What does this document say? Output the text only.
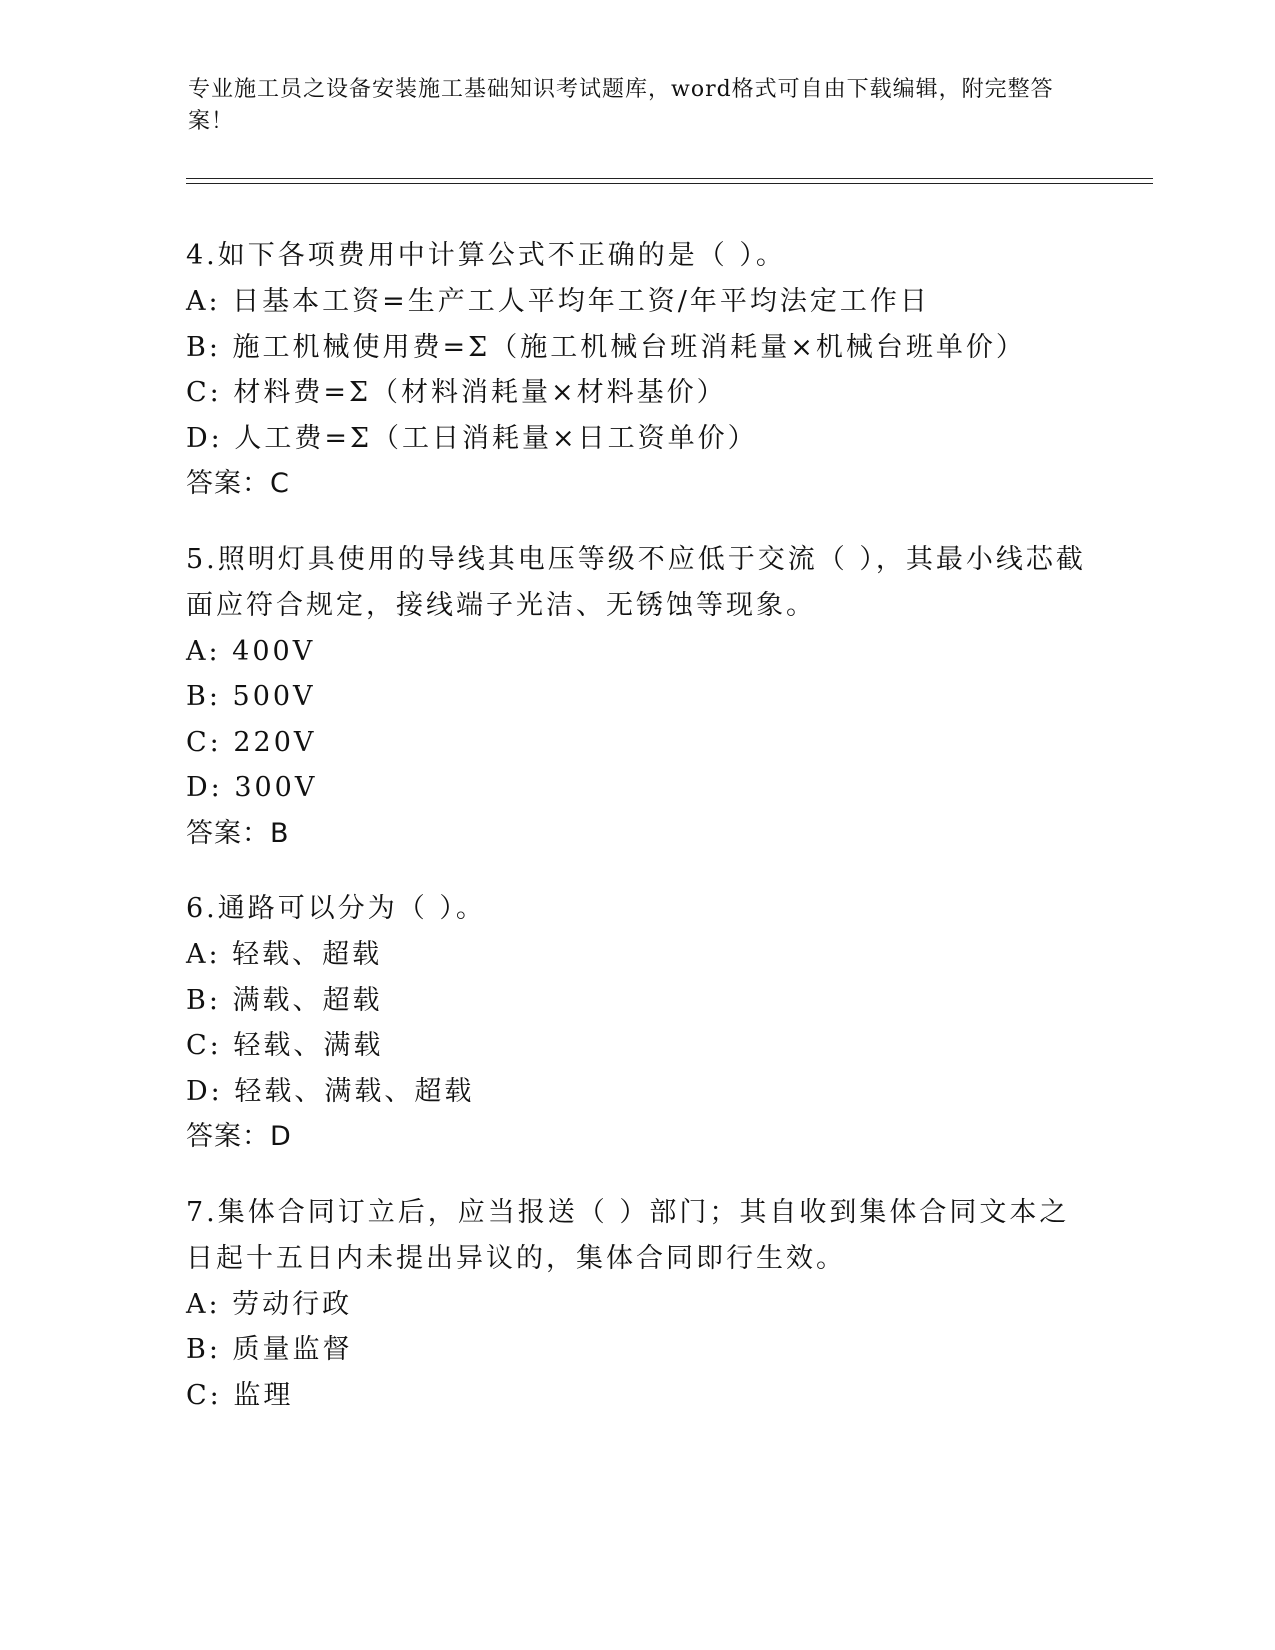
专业施工员之设备安装施工基础知识考试题库，word格式可自由下载编辑，附完整答案！

4.如下各项费用中计算公式不正确的是（ ）。

A: 日基本工资=生产工人平均年工资/年平均法定工作日

B: 施工机械使用费=Σ（施工机械台班消耗量×机械台班单价）

C: 材料费=Σ（材料消耗量×材料基价）

D: 人工费=Σ（工日消耗量×日工资单价）

答案：C

5.照明灯具使用的导线其电压等级不应低于交流（ ），其最小线芯截面应符合规定，接线端子光洁、无锈蚀等现象。

A: 400V

B: 500V

C: 220V

D: 300V

答案：B

6.通路可以分为（ ）。

A: 轻载、超载

B: 满载、超载

C: 轻载、满载

D: 轻载、满载、超载

答案：D

7.集体合同订立后，应当报送（ ）部门；其自收到集体合同文本之日起十五日内未提出异议的，集体合同即行生效。

A: 劳动行政

B: 质量监督

C: 监理
